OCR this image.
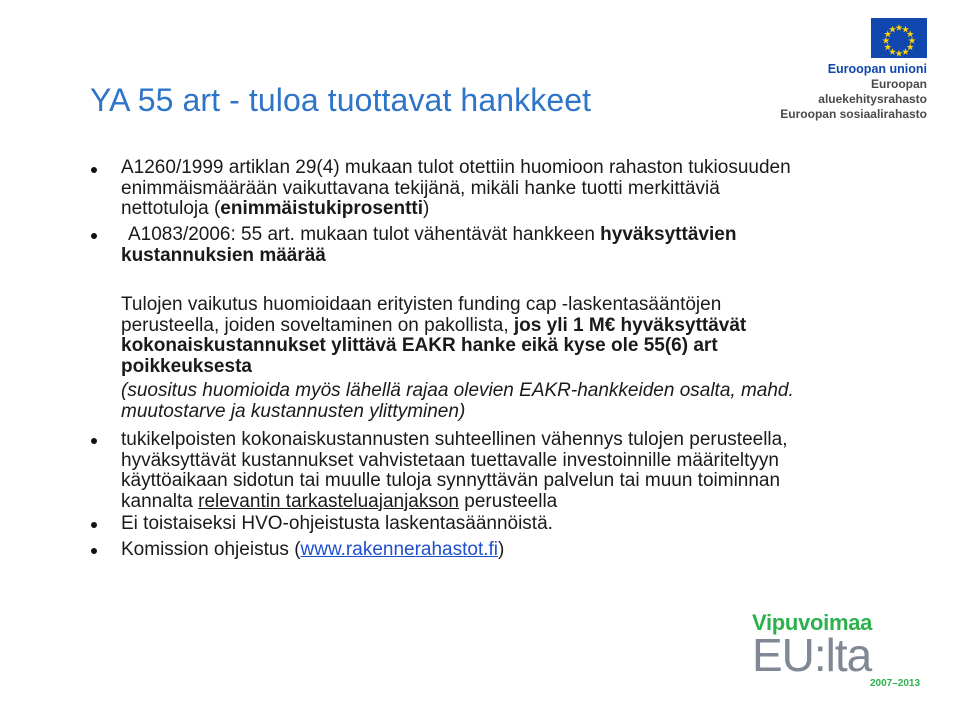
Euroopan unioni
Euroopan aluekehitysrahasto
Euroopan sosiaalirahasto
YA 55 art - tuloa tuottavat hankkeet
A1260/1999 artiklan 29(4) mukaan tulot otettiin huomioon rahaston tukiosuuden
enimmäismäärään vaikuttavana tekijänä, mikäli hanke tuotti merkittäviä
nettotuloja (enimmäistukiprosentti)
A1083/2006: 55 art. mukaan tulot vähentävät hankkeen hyväksyttävien
kustannuksien määrää
Tulojen vaikutus huomioidaan erityisten funding cap -laskentasääntöjen
perusteella, joiden soveltaminen on pakollista, jos yli 1 M€ hyväksyttävät
kokonaiskustannukset ylittävä EAKR hanke eikä kyse ole 55(6) art
poikkeuksesta
(suositus huomioida myös lähellä rajaa olevien EAKR-hankkeiden osalta, mahd.
muutostarve ja kustannusten ylittyminen)
tukikelpoisten kokonaiskustannusten suhteellinen vähennys tulojen perusteella,
hyväksyttävät kustannukset vahvistetaan tuettavalle investoinnille määriteltyyn
käyttöaikaan sidotun tai muulle tuloja synnyttävän palvelun tai muun toiminnan
kannalta relevantin tarkasteluajanjakson perusteella
Ei toistaiseksi HVO-ohjeistusta laskentasäännöistä.
Komission ohjeistus (www.rakennerahastot.fi)
Vipuvoimaa
EU:lta
2007–2013
